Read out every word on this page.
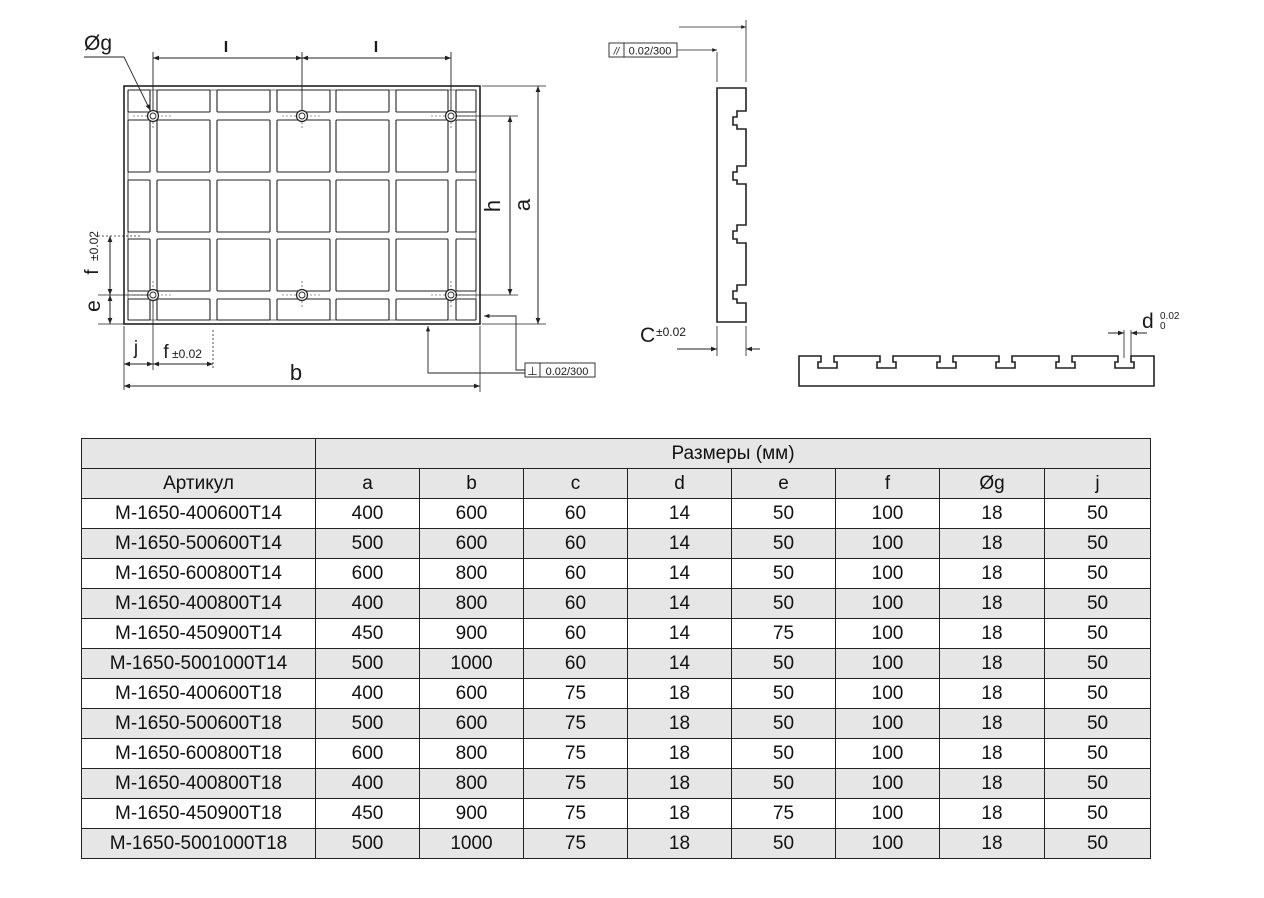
I	I
Øg
h a
f
±0.02
e
j f ±0.02
b	⊥ 0.02/300
// 0.02/300
C ±0.02	d 0.02
0
	Размеры (мм)							
Артикул	a	b	c	d	e	f	Øg	j
M-1650-400600T14	400	600	60	14	50	100	18	50
M-1650-500600T14	500	600	60	14	50	100	18	50
M-1650-600800T14	600	800	60	14	50	100	18	50
M-1650-400800T14	400	800	60	14	50	100	18	50
M-1650-450900T14	450	900	60	14	75	100	18	50
M-1650-5001000T14	500	1000	60	14	50	100	18	50
M-1650-400600T18	400	600	75	18	50	100	18	50
M-1650-500600T18	500	600	75	18	50	100	18	50
M-1650-600800T18	600	800	75	18	50	100	18	50
M-1650-400800T18	400	800	75	18	50	100	18	50
M-1650-450900T18	450	900	75	18	75	100	18	50
M-1650-5001000T18	500	1000	75	18	50	100	18	50
